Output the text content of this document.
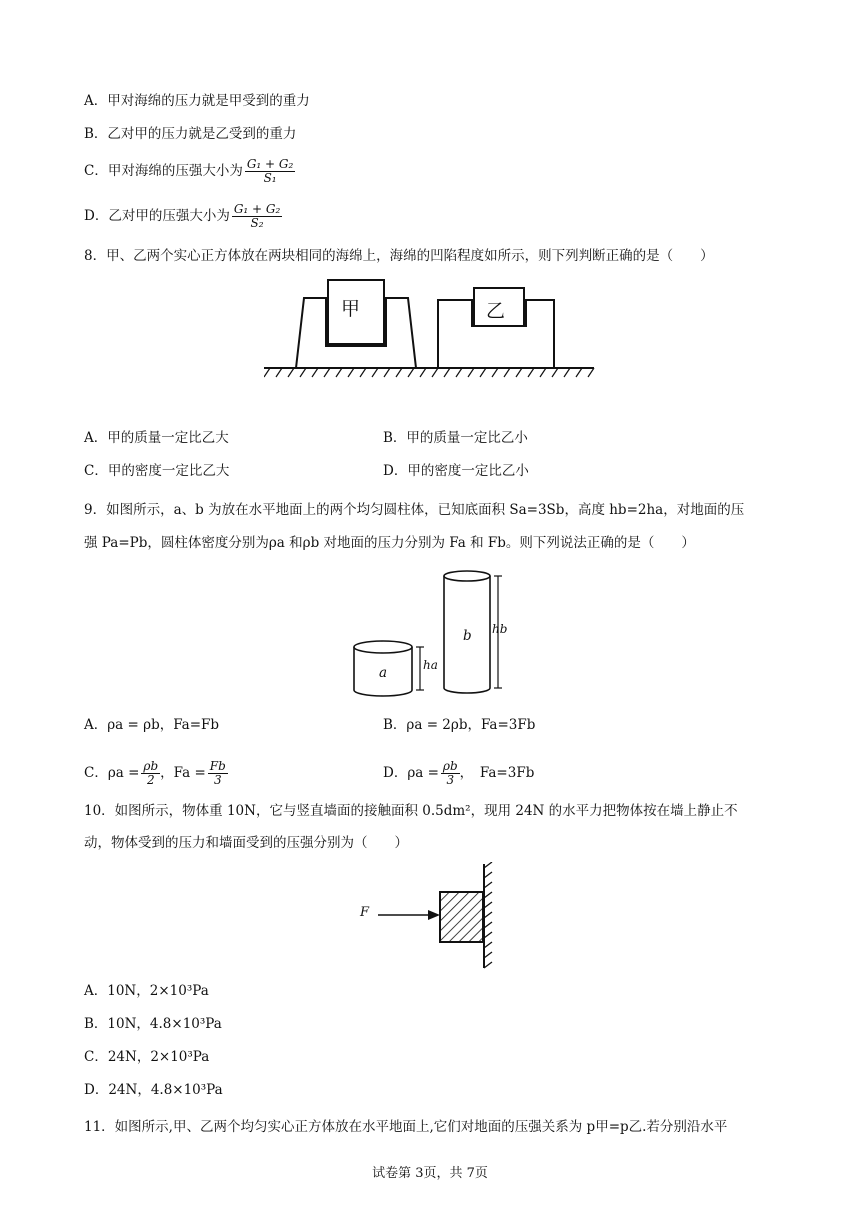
A．甲对海绵的压力就是甲受到的重力
B．乙对甲的压力就是乙受到的重力
C．甲对海绵的压强大小为 $\frac{\text{G₁ + G₂}}{\text{S₁}}$
D．乙对甲的压强大小为 $\frac{\text{G₁ + G₂}}{\text{S₂}}$
8．甲、乙两个实心正方体放在两块相同的海绵上，海绵的凹陷程度如所示，则下列判断正确的是（　　）
甲	乙
A．甲的质量一定比乙大	B．甲的质量一定比乙小
C．甲的密度一定比乙大	D．甲的密度一定比乙小
9．如图所示，a、b 为放在水平地面上的两个均匀圆柱体，已知底面积 Sa=3Sb，高度 hb=2ha，对地面的压
强 Pa=Pb，圆柱体密度分别为ρa 和ρb 对地面的压力分别为 Fa 和 Fb。则下列说法正确的是（　　）
a	ha
b hb
A．ρa = ρb，Fa=Fb	B．ρa = 2ρb，Fa=3Fb
C．$\rho a = \frac{\rho b}{2}$ ，$Fa = \frac{Fb}{3}$	D．$\rho a = \frac{\rho b}{3}$ ，　Fa=3Fb
10．如图所示，物体重 10N，它与竖直墙面的接触面积 0.5dm²，现用 24N 的水平力把物体按在墙上静止不
动，物体受到的压力和墙面受到的压强分别为（　　）
F
A．10N，2×10³Pa
B．10N，4.8×10³Pa
C．24N，2×10³Pa
D．24N，4.8×10³Pa
11．如图所示,甲、乙两个均匀实心正方体放在水平地面上,它们对地面的压强关系为 p甲=p乙.若分别沿水平
试卷第 3页，共 7页
